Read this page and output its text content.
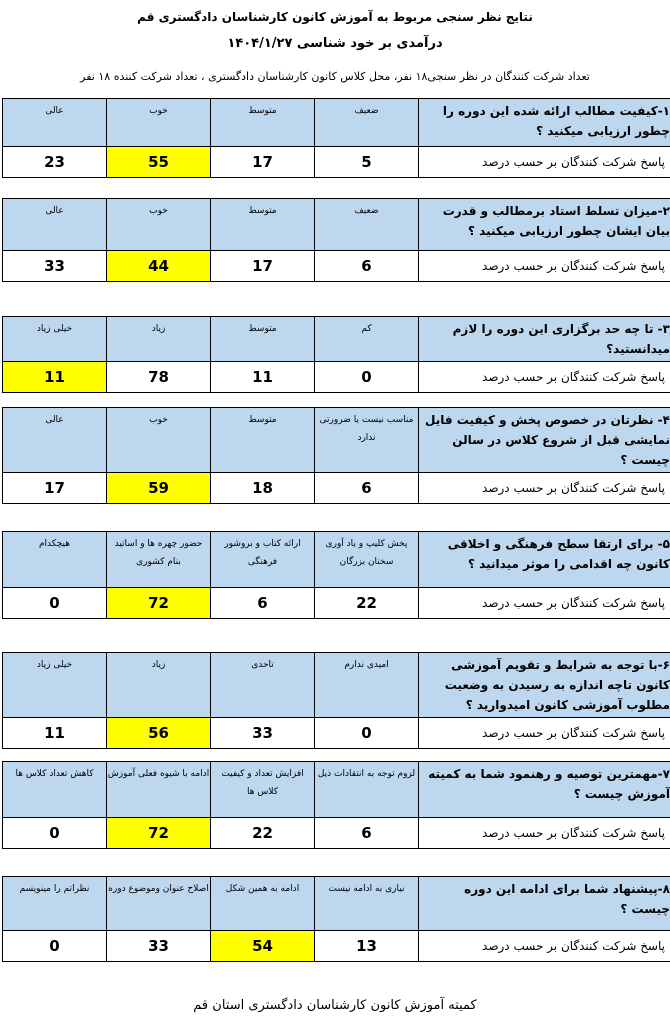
نتایج نظر سنجی مربوط به آموزش کانون کارشناسان دادگستری قم
درآمدی بر خود شناسی ۱۴۰۴/۱/۲۷
تعداد شرکت کنندگان در نظر سنجی۱۸ نفر، محل کلاس کانون کارشناسان دادگستری ، تعداد شرکت کننده ۱۸ نفر
۱-کیفیت مطالب ارائه شده این دوره را چطور ارزیابی میکنید ؟	ضعیف	متوسط	خوب	عالی
پاسخ شرکت کنندگان بر حسب درصد	5	17	55	23
۲-میزان تسلط استاد برمطالب و قدرت بیان ایشان چطور ارزیابی میکنید ؟	ضعیف	متوسط	خوب	عالی
پاسخ شرکت کنندگان بر حسب درصد	6	17	44	33
۳- تا چه حد برگزاری این دوره را لازم میدانستید؟	کم	متوسط	زیاد	خیلی زیاد
پاسخ شرکت کنندگان بر حسب درصد	0	11	78	11
۴- نظرتان در خصوص پخش و کیفیت فایل نمایشی قبل از شروع کلاس در سالن چیست ؟	مناسب نیست یا ضرورتی ندارد	متوسط	خوب	عالی
پاسخ شرکت کنندگان بر حسب درصد	6	18	59	17
۵- برای ارتقا سطح فرهنگی و اخلاقی کانون چه اقدامی را موثر میدانید ؟	پخش کلیپ و یاد آوری سخنان بزرگان	ارائه کتاب و بروشور فرهنگی	حضور چهره ها و اساتید بنام کشوری	هیچکدام
پاسخ شرکت کنندگان بر حسب درصد	22	6	72	0
۶-با توجه به شرایط و تقویم آموزشی کانون تاچه اندازه به رسیدن به وضعیت مطلوب آموزشی کانون امیدوارید ؟	امیدی ندارم	تاحدی	زیاد	خیلی زیاد
پاسخ شرکت کنندگان بر حسب درصد	0	33	56	11
۷-مهمترین توصیه و رهنمود شما به کمیته آموزش چیست ؟	لزوم توجه به انتقادات ذیل	افزایش تعداد و کیفیت کلاس ها	ادامه با شیوه فعلی آموزش	کاهش تعداد کلاس ها
پاسخ شرکت کنندگان بر حسب درصد	6	22	72	0
۸-پیشنهاد شما برای ادامه این دوره چیست ؟	نیازی به ادامه نیست	ادامه به همین شکل	اصلاح عنوان وموضوع دوره	نظراتم را مینویسم
پاسخ شرکت کنندگان بر حسب درصد	13	54	33	0
کمیته آموزش کانون کارشناسان دادگستری استان قم
